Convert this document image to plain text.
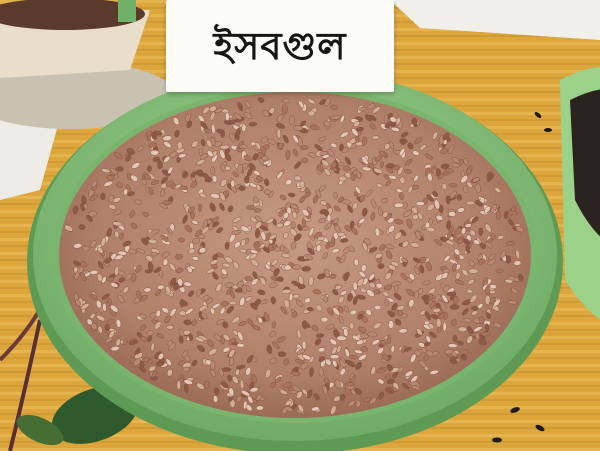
ইসবগুল
